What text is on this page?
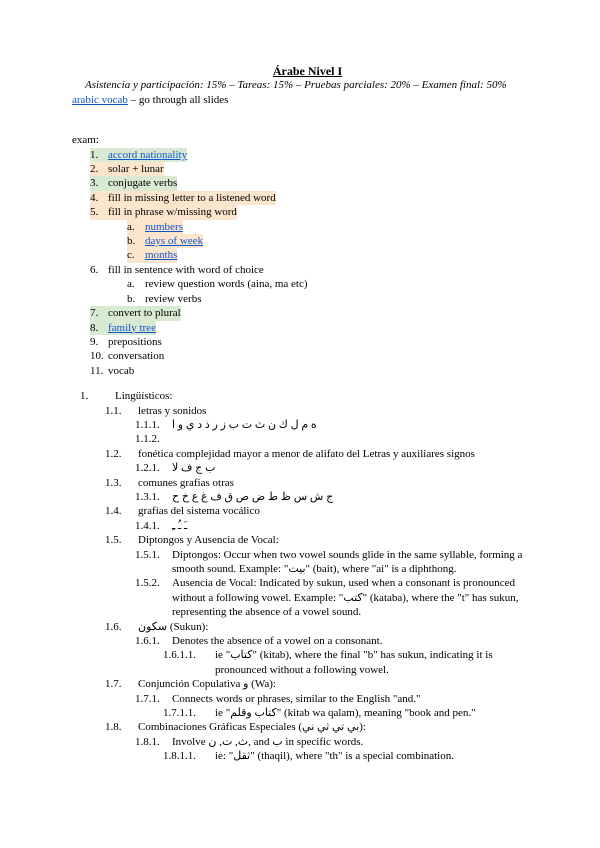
Árabe Nivel I

Asistencia y participación: 15% – Tareas: 15% – Pruebas parciales: 20% – Examen final: 50%

arabic vocab – go through all slides

exam:

1. accord nationality
2. solar + lunar
3. conjugate verbs
4. fill in missing letter to a listened word
5. fill in phrase w/missing word
a. numbers
b. days of week
c. months
6. fill in sentence with word of choice
a. review question words (aina, ma etc)
b. review verbs
7. convert to plural
8. family tree
9. prepositions
10. conversation
11. vocab
1.	Lingüísticos:
1.1.	letras y sonidos
1.1.1.	ه م ل ك ن ث ت ب ز ر ذ د ي و ا
1.1.2.
1.2.	fonética complejidad mayor a menor de alifato del Letras y auxiliares signos
1.2.1.	ب ج ف لا
1.3.	comunes grafias otras
1.3.1.	ج ش س ظ ط ض ص ق ف غ ع خ ح
1.4.	grafías del sistema vocálico
1.4.1.	ـَ ـُ ـِ
1.5.	Diptongos y Ausencia de Vocal:
1.5.1.	Diptongos: Occur when two vowel sounds glide in the same syllable, forming a smooth sound. Example: "بيت" (bait), where "ai" is a diphthong.
1.5.2.	Ausencia de Vocal: Indicated by sukun, used when a consonant is pronounced without a following vowel. Example: "كتب" (kataba), where the "t" has sukun, representing the absence of a vowel sound.
1.6.	سكون (Sukun):
1.6.1.	Denotes the absence of a vowel on a consonant.
1.6.1.1.	ie "كتاب" (kitab), where the final "b" has sukun, indicating it is pronounced without a following vowel.
1.7.	Conjunción Copulativa و (Wa):
1.7.1.	Connects words or phrases, similar to the English "and."
1.7.1.1.	ie "كتاب وقلم" (kitab wa qalam), meaning "book and pen."
1.8.	Combinaciones Gráficas Especiales (بي تي ثي ني):
1.8.1.	Involve ث, ت, ن, and ب in specific words.
1.8.1.1.	ie: "ثقل" (thaqil), where "th" is a special combination.
